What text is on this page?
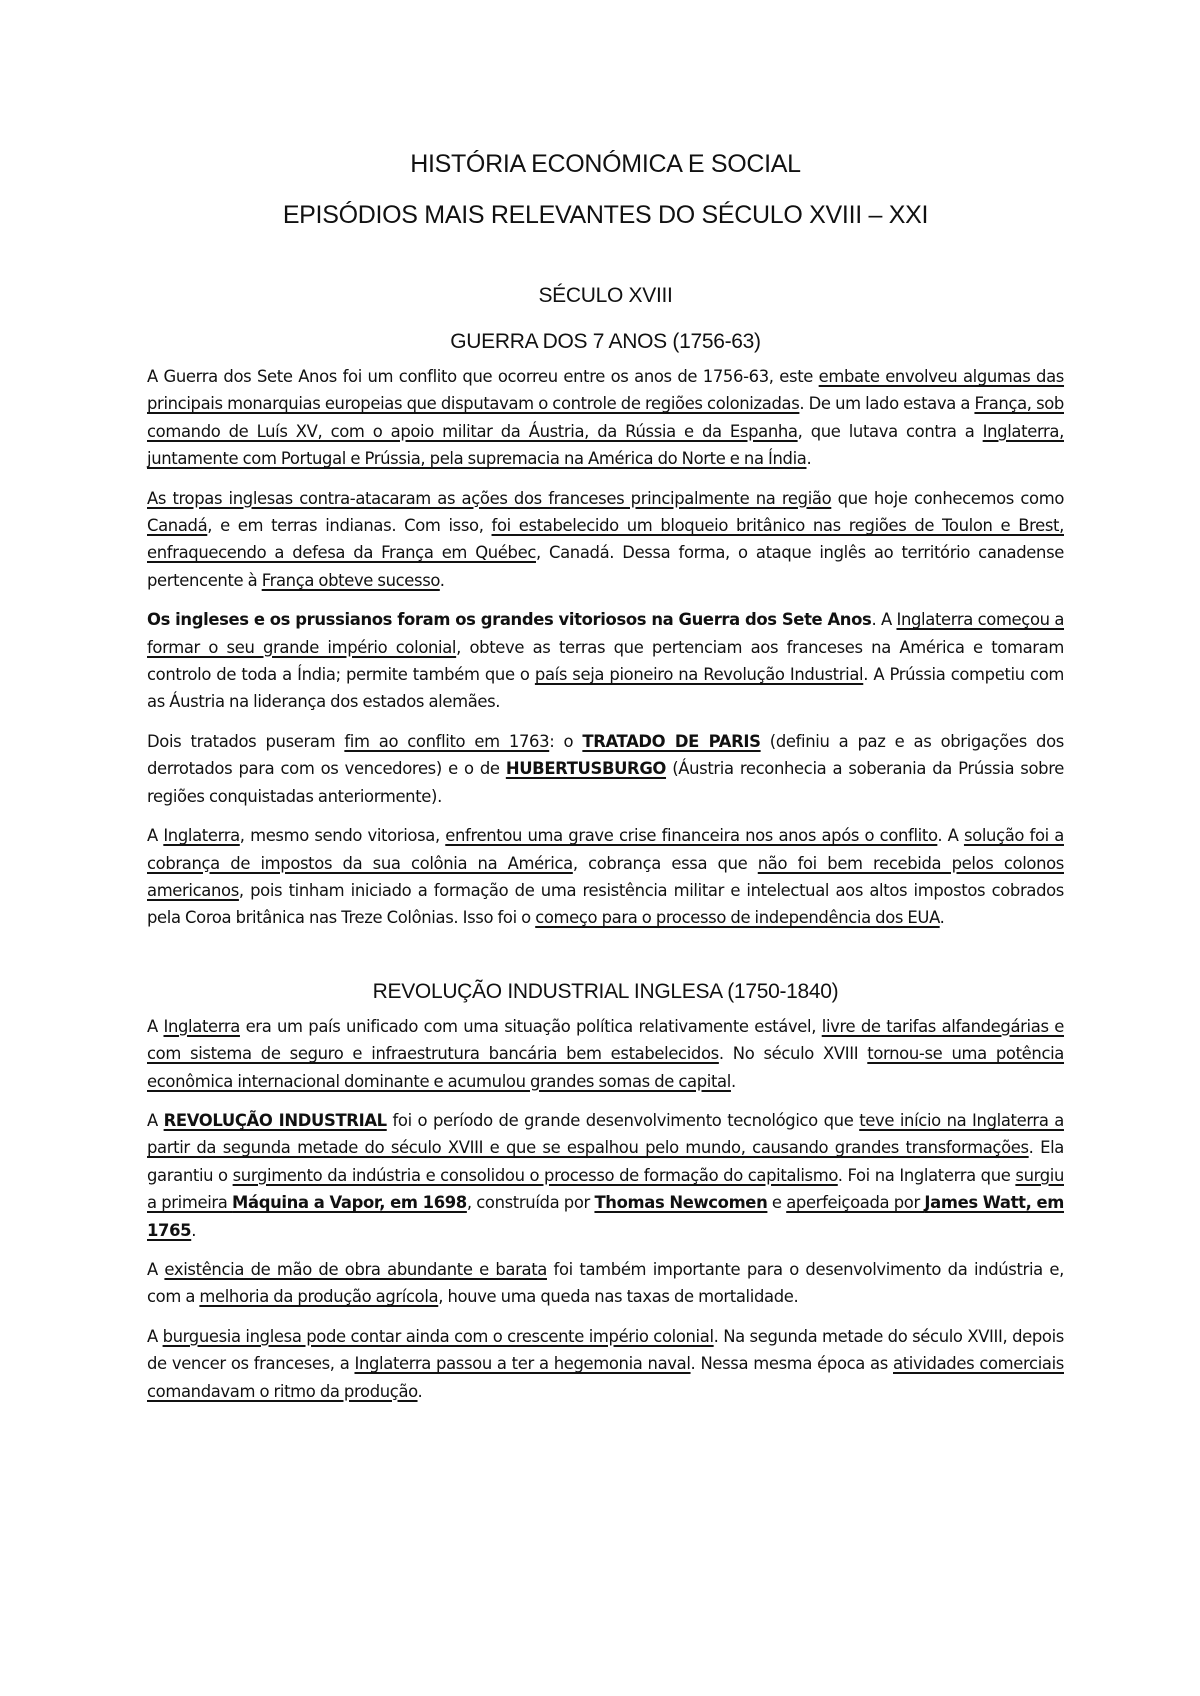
HISTÓRIA ECONÓMICA E SOCIAL
EPISÓDIOS MAIS RELEVANTES DO SÉCULO XVIII – XXI
SÉCULO XVIII
GUERRA DOS 7 ANOS (1756-63)

A Guerra dos Sete Anos foi um conflito que ocorreu entre os anos de 1756-63, este embate envolveu algumas das principais monarquias europeias que disputavam o controle de regiões colonizadas. De um lado estava a França, sob comando de Luís XV, com o apoio militar da Áustria, da Rússia e da Espanha, que lutava contra a Inglaterra, juntamente com Portugal e Prússia, pela supremacia na América do Norte e na Índia.

As tropas inglesas contra-atacaram as ações dos franceses principalmente na região que hoje conhecemos como Canadá, e em terras indianas. Com isso, foi estabelecido um bloqueio britânico nas regiões de Toulon e Brest, enfraquecendo a defesa da França em Québec, Canadá. Dessa forma, o ataque inglês ao território canadense pertencente à França obteve sucesso.

Os ingleses e os prussianos foram os grandes vitoriosos na Guerra dos Sete Anos. A Inglaterra começou a formar o seu grande império colonial, obteve as terras que pertenciam aos franceses na América e tomaram controlo de toda a Índia; permite também que o país seja pioneiro na Revolução Industrial. A Prússia competiu com as Áustria na liderança dos estados alemães.

Dois tratados puseram fim ao conflito em 1763: o TRATADO DE PARIS (definiu a paz e as obrigações dos derrotados para com os vencedores) e o de HUBERTUSBURGO (Áustria reconhecia a soberania da Prússia sobre regiões conquistadas anteriormente).

A Inglaterra, mesmo sendo vitoriosa, enfrentou uma grave crise financeira nos anos após o conflito. A solução foi a cobrança de impostos da sua colônia na América, cobrança essa que não foi bem recebida pelos colonos americanos, pois tinham iniciado a formação de uma resistência militar e intelectual aos altos impostos cobrados pela Coroa britânica nas Treze Colônias. Isso foi o começo para o processo de independência dos EUA.

REVOLUÇÃO INDUSTRIAL INGLESA (1750-1840)

A Inglaterra era um país unificado com uma situação política relativamente estável, livre de tarifas alfandegárias e com sistema de seguro e infraestrutura bancária bem estabelecidos. No século XVIII tornou-se uma potência econômica internacional dominante e acumulou grandes somas de capital.

A REVOLUÇÃO INDUSTRIAL foi o período de grande desenvolvimento tecnológico que teve início na Inglaterra a partir da segunda metade do século XVIII e que se espalhou pelo mundo, causando grandes transformações. Ela garantiu o surgimento da indústria e consolidou o processo de formação do capitalismo. Foi na Inglaterra que surgiu a primeira Máquina a Vapor, em 1698, construída por Thomas Newcomen e aperfeiçoada por James Watt, em 1765.

A existência de mão de obra abundante e barata foi também importante para o desenvolvimento da indústria e, com a melhoria da produção agrícola, houve uma queda nas taxas de mortalidade.

A burguesia inglesa pode contar ainda com o crescente império colonial. Na segunda metade do século XVIII, depois de vencer os franceses, a Inglaterra passou a ter a hegemonia naval. Nessa mesma época as atividades comerciais comandavam o ritmo da produção.
